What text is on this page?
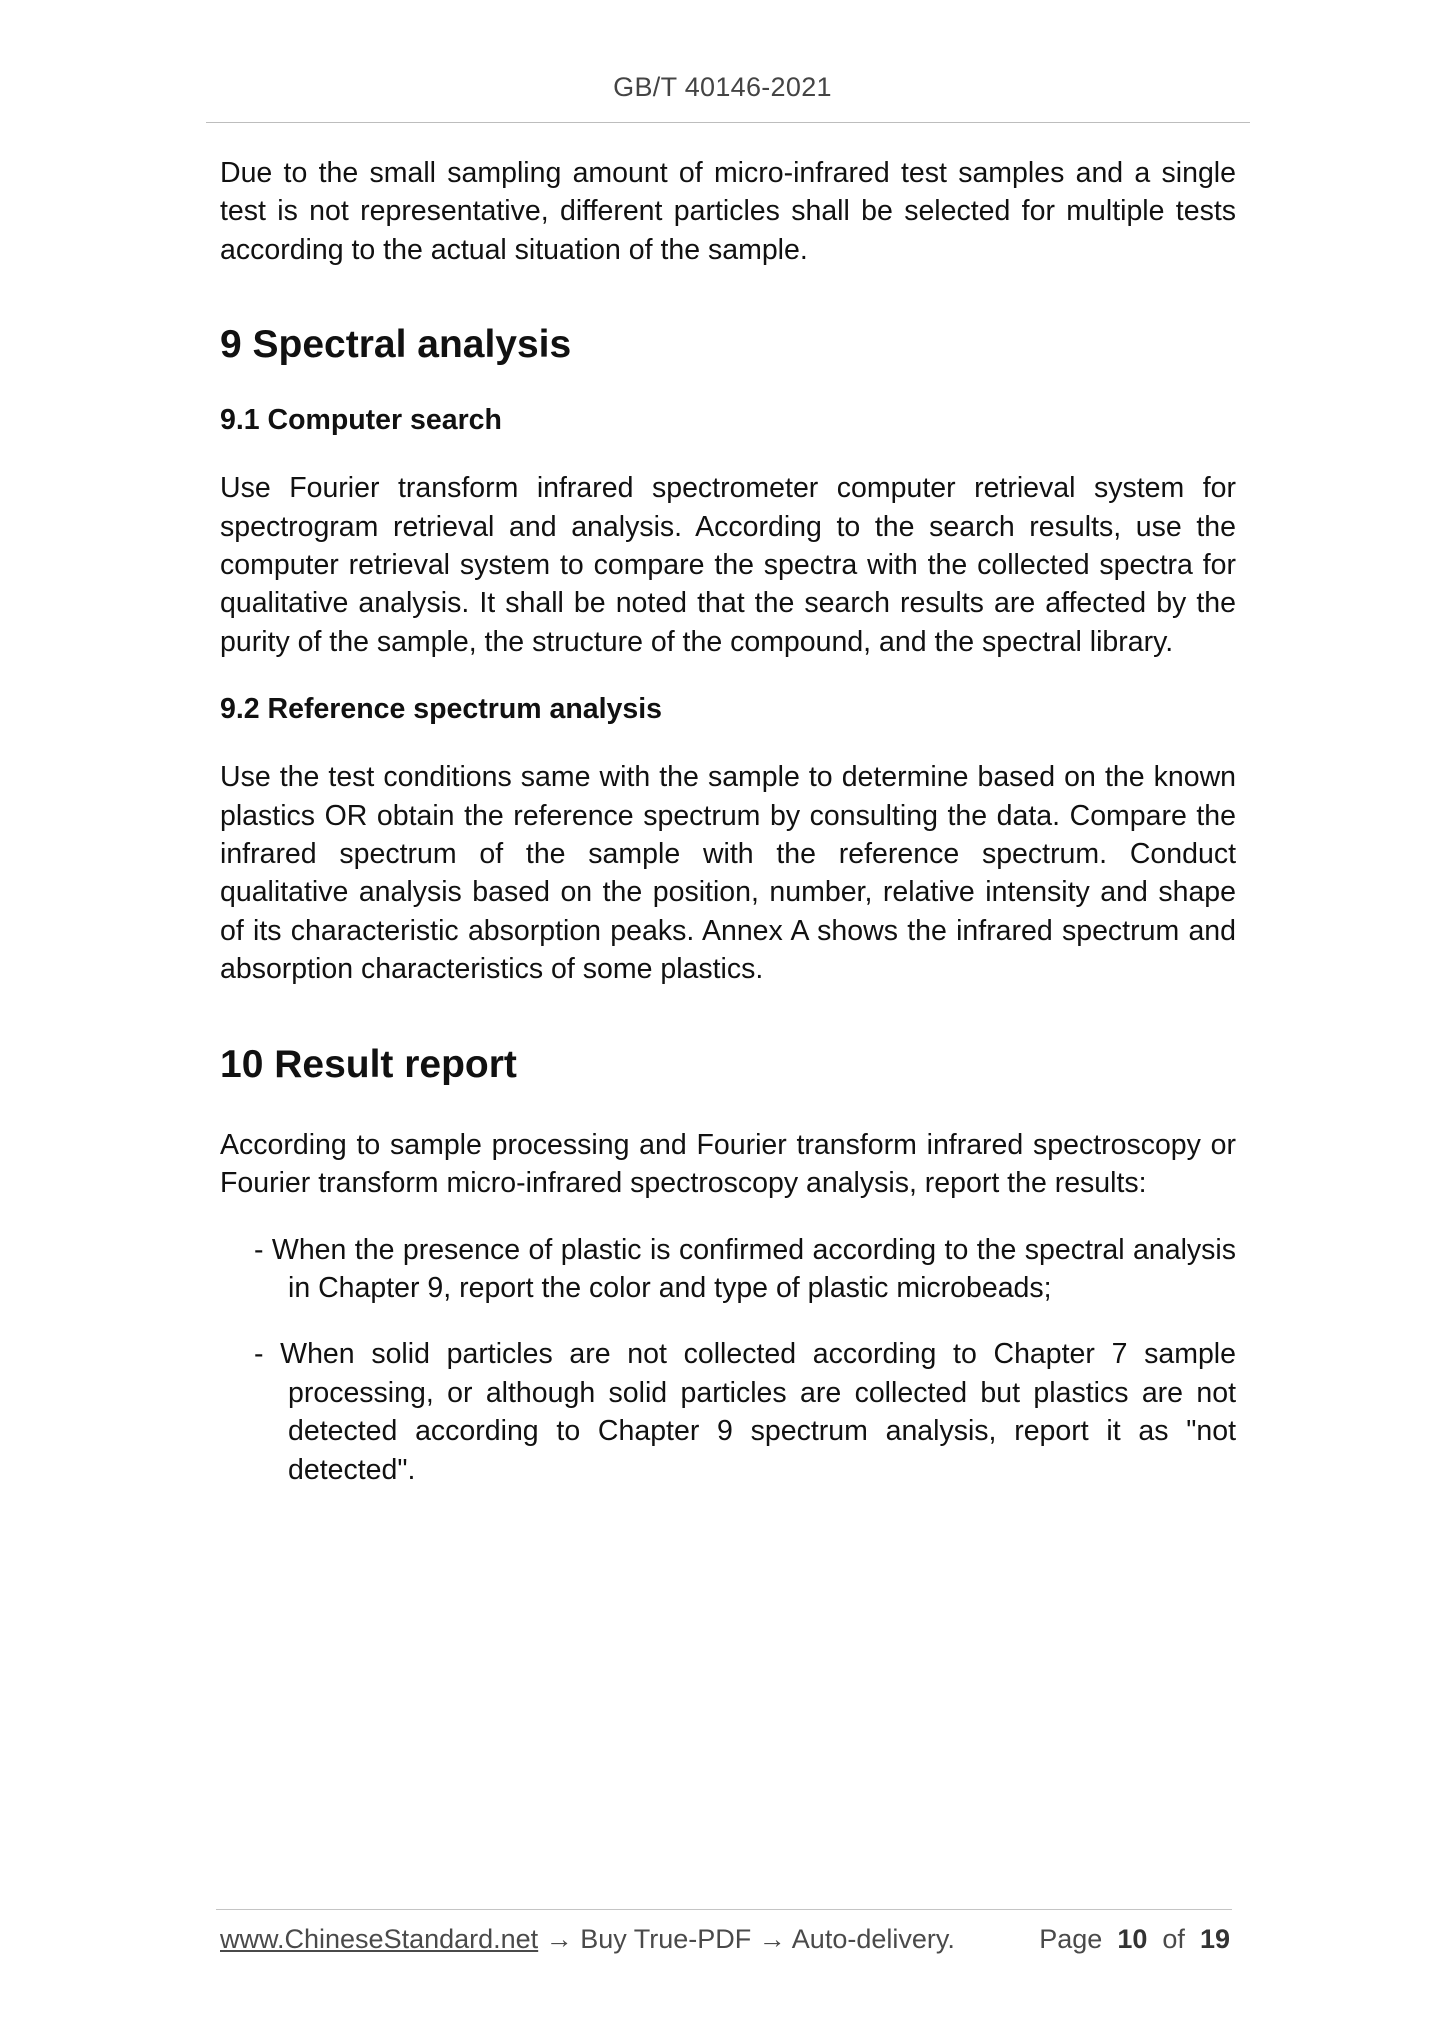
GB/T 40146-2021

Due to the small sampling amount of micro-infrared test samples and a single test is not representative, different particles shall be selected for multiple tests according to the actual situation of the sample.

9 Spectral analysis
9.1 Computer search

Use Fourier transform infrared spectrometer computer retrieval system for spectrogram retrieval and analysis. According to the search results, use the computer retrieval system to compare the spectra with the collected spectra for qualitative analysis. It shall be noted that the search results are affected by the purity of the sample, the structure of the compound, and the spectral library.

9.2 Reference spectrum analysis

Use the test conditions same with the sample to determine based on the known plastics OR obtain the reference spectrum by consulting the data. Compare the infrared spectrum of the sample with the reference spectrum. Conduct qualitative analysis based on the position, number, relative intensity and shape of its characteristic absorption peaks. Annex A shows the infrared spectrum and absorption characteristics of some plastics.

10 Result report

According to sample processing and Fourier transform infrared spectroscopy or Fourier transform micro-infrared spectroscopy analysis, report the results:

- When the presence of plastic is confirmed according to the spectral analysis in Chapter 9, report the color and type of plastic microbeads;

- When solid particles are not collected according to Chapter 7 sample processing, or although solid particles are collected but plastics are not detected according to Chapter 9 spectrum analysis, report it as "not detected".

www.ChineseStandard.net → Buy True-PDF → Auto-delivery.	Page 10 of 19
